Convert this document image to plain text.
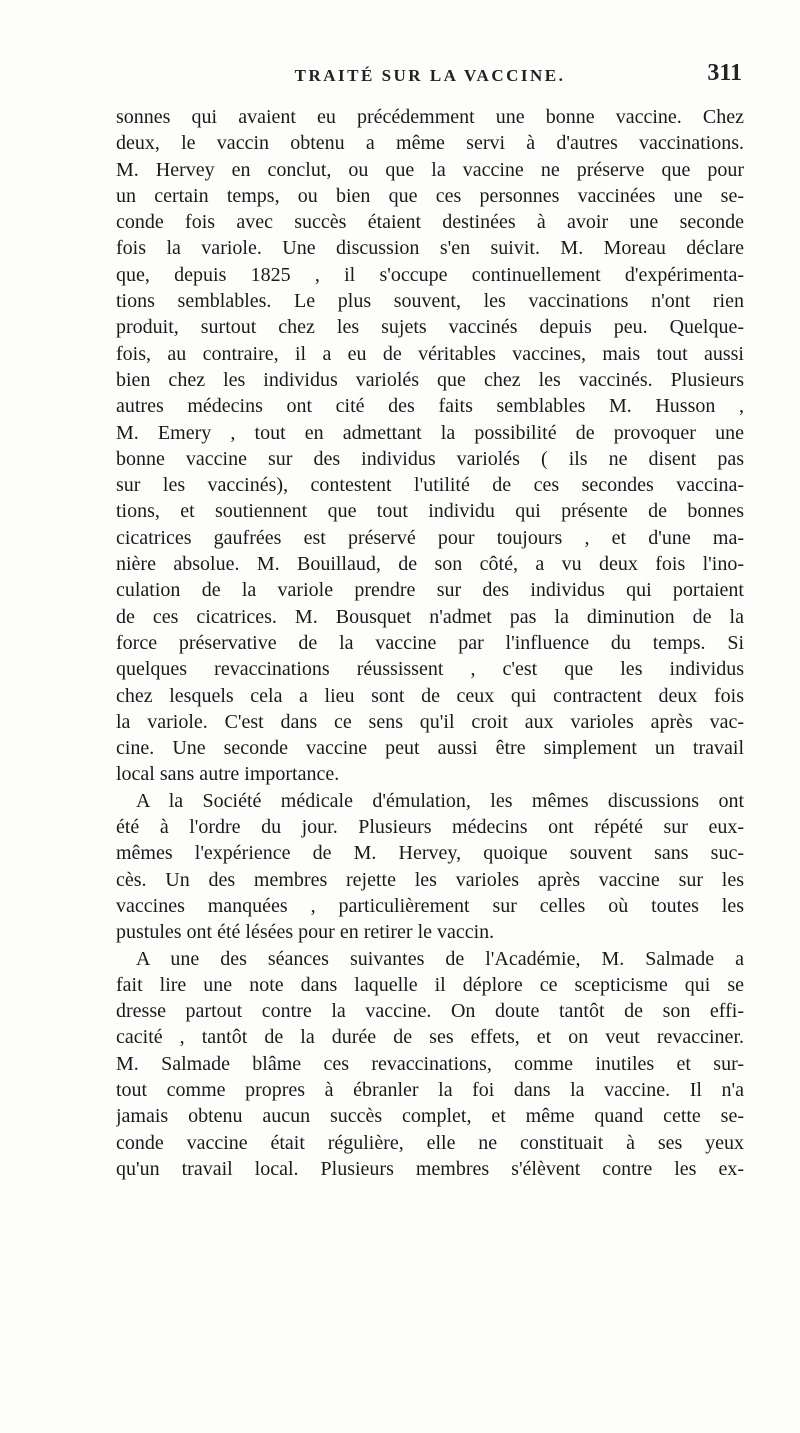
TRAITÉ SUR LA VACCINE.	311
sonnes qui avaient eu précédemment une bonne vaccine. Chez
deux, le vaccin obtenu a même servi à d'autres vaccinations.
M. Hervey en conclut, ou que la vaccine ne préserve que pour
un certain temps, ou bien que ces personnes vaccinées une se-
conde fois avec succès étaient destinées à avoir une seconde
fois la variole. Une discussion s'en suivit. M. Moreau déclare
que, depuis 1825 , il s'occupe continuellement d'expérimenta-
tions semblables. Le plus souvent, les vaccinations n'ont rien
produit, surtout chez les sujets vaccinés depuis peu. Quelque-
fois, au contraire, il a eu de véritables vaccines, mais tout aussi
bien chez les individus variolés que chez les vaccinés. Plusieurs
autres médecins ont cité des faits semblables M. Husson ,
M. Emery , tout en admettant la possibilité de provoquer une
bonne vaccine sur des individus variolés ( ils ne disent pas
sur les vaccinés), contestent l'utilité de ces secondes vaccina-
tions, et soutiennent que tout individu qui présente de bonnes
cicatrices gaufrées est préservé pour toujours , et d'une ma-
nière absolue. M. Bouillaud, de son côté, a vu deux fois l'ino-
culation de la variole prendre sur des individus qui portaient
de ces cicatrices. M. Bousquet n'admet pas la diminution de la
force préservative de la vaccine par l'influence du temps. Si
quelques revaccinations réussissent , c'est que les individus
chez lesquels cela a lieu sont de ceux qui contractent deux fois
la variole. C'est dans ce sens qu'il croit aux varioles après vac-
cine. Une seconde vaccine peut aussi être simplement un travail
local sans autre importance.
A la Société médicale d'émulation, les mêmes discussions ont
été à l'ordre du jour. Plusieurs médecins ont répété sur eux-
mêmes l'expérience de M. Hervey, quoique souvent sans suc-
cès. Un des membres rejette les varioles après vaccine sur les
vaccines manquées , particulièrement sur celles où toutes les
pustules ont été lésées pour en retirer le vaccin.
A une des séances suivantes de l'Académie, M. Salmade a
fait lire une note dans laquelle il déplore ce scepticisme qui se
dresse partout contre la vaccine. On doute tantôt de son effi-
cacité , tantôt de la durée de ses effets, et on veut revacciner.
M. Salmade blâme ces revaccinations, comme inutiles et sur-
tout comme propres à ébranler la foi dans la vaccine. Il n'a
jamais obtenu aucun succès complet, et même quand cette se-
conde vaccine était régulière, elle ne constituait à ses yeux
qu'un travail local. Plusieurs membres s'élèvent contre les ex-
